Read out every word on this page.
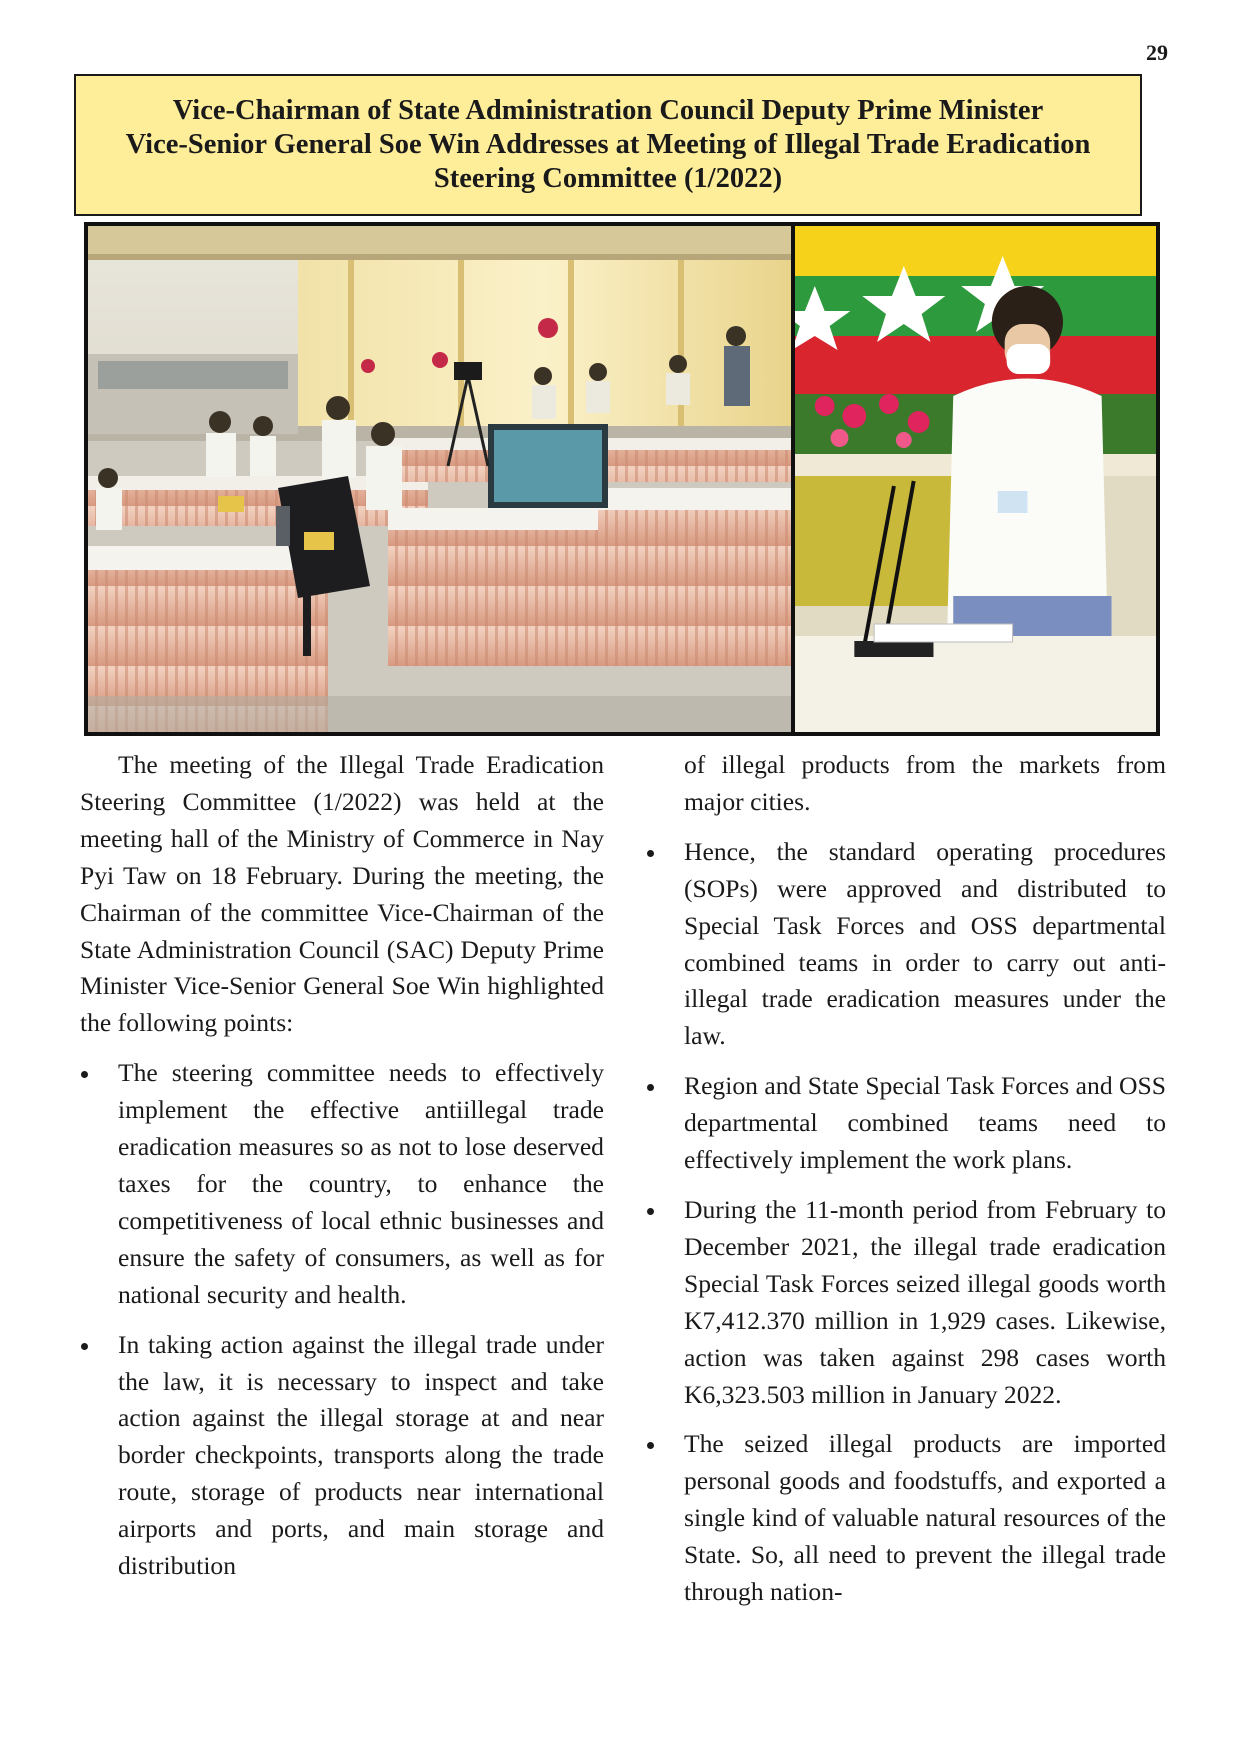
29
Vice-Chairman of State Administration Council Deputy Prime Minister
Vice-Senior General Soe Win Addresses at Meeting of Illegal Trade Eradication
Steering Committee (1/2022)

The meeting of the Illegal Trade Eradication Steering Committee (1/2022) was held at the meeting hall of the Ministry of Commerce in Nay Pyi Taw on 18 February. During the meeting, the Chairman of the committee Vice-Chairman of the State Administration Council (SAC) Deputy Prime Minister Vice-Senior General Soe Win highlighted the following points:

The steering committee needs to effectively implement the effective antiillegal trade eradication measures so as not to lose deserved taxes for the country, to enhance the competitiveness of local ethnic businesses and ensure the safety of consumers, as well as for national security and health.
In taking action against the illegal trade under the law, it is necessary to inspect and take action against the illegal storage at and near border checkpoints, transports along the trade route, storage of products near international airports and ports, and main storage and distribution
of illegal products from the markets from major cities.
Hence, the standard operating procedures (SOPs) were approved and distributed to Special Task Forces and OSS departmental combined teams in order to carry out anti-illegal trade eradication measures under the law.
Region and State Special Task Forces and OSS departmental combined teams need to effectively implement the work plans.
During the 11-month period from February to December 2021, the illegal trade eradication Special Task Forces seized illegal goods worth K7,412.370 million in 1,929 cases. Likewise, action was taken against 298 cases worth K6,323.503 million in January 2022.
The seized illegal products are imported personal goods and foodstuffs, and exported a single kind of valuable natural resources of the State. So, all need to prevent the illegal trade through nation-
